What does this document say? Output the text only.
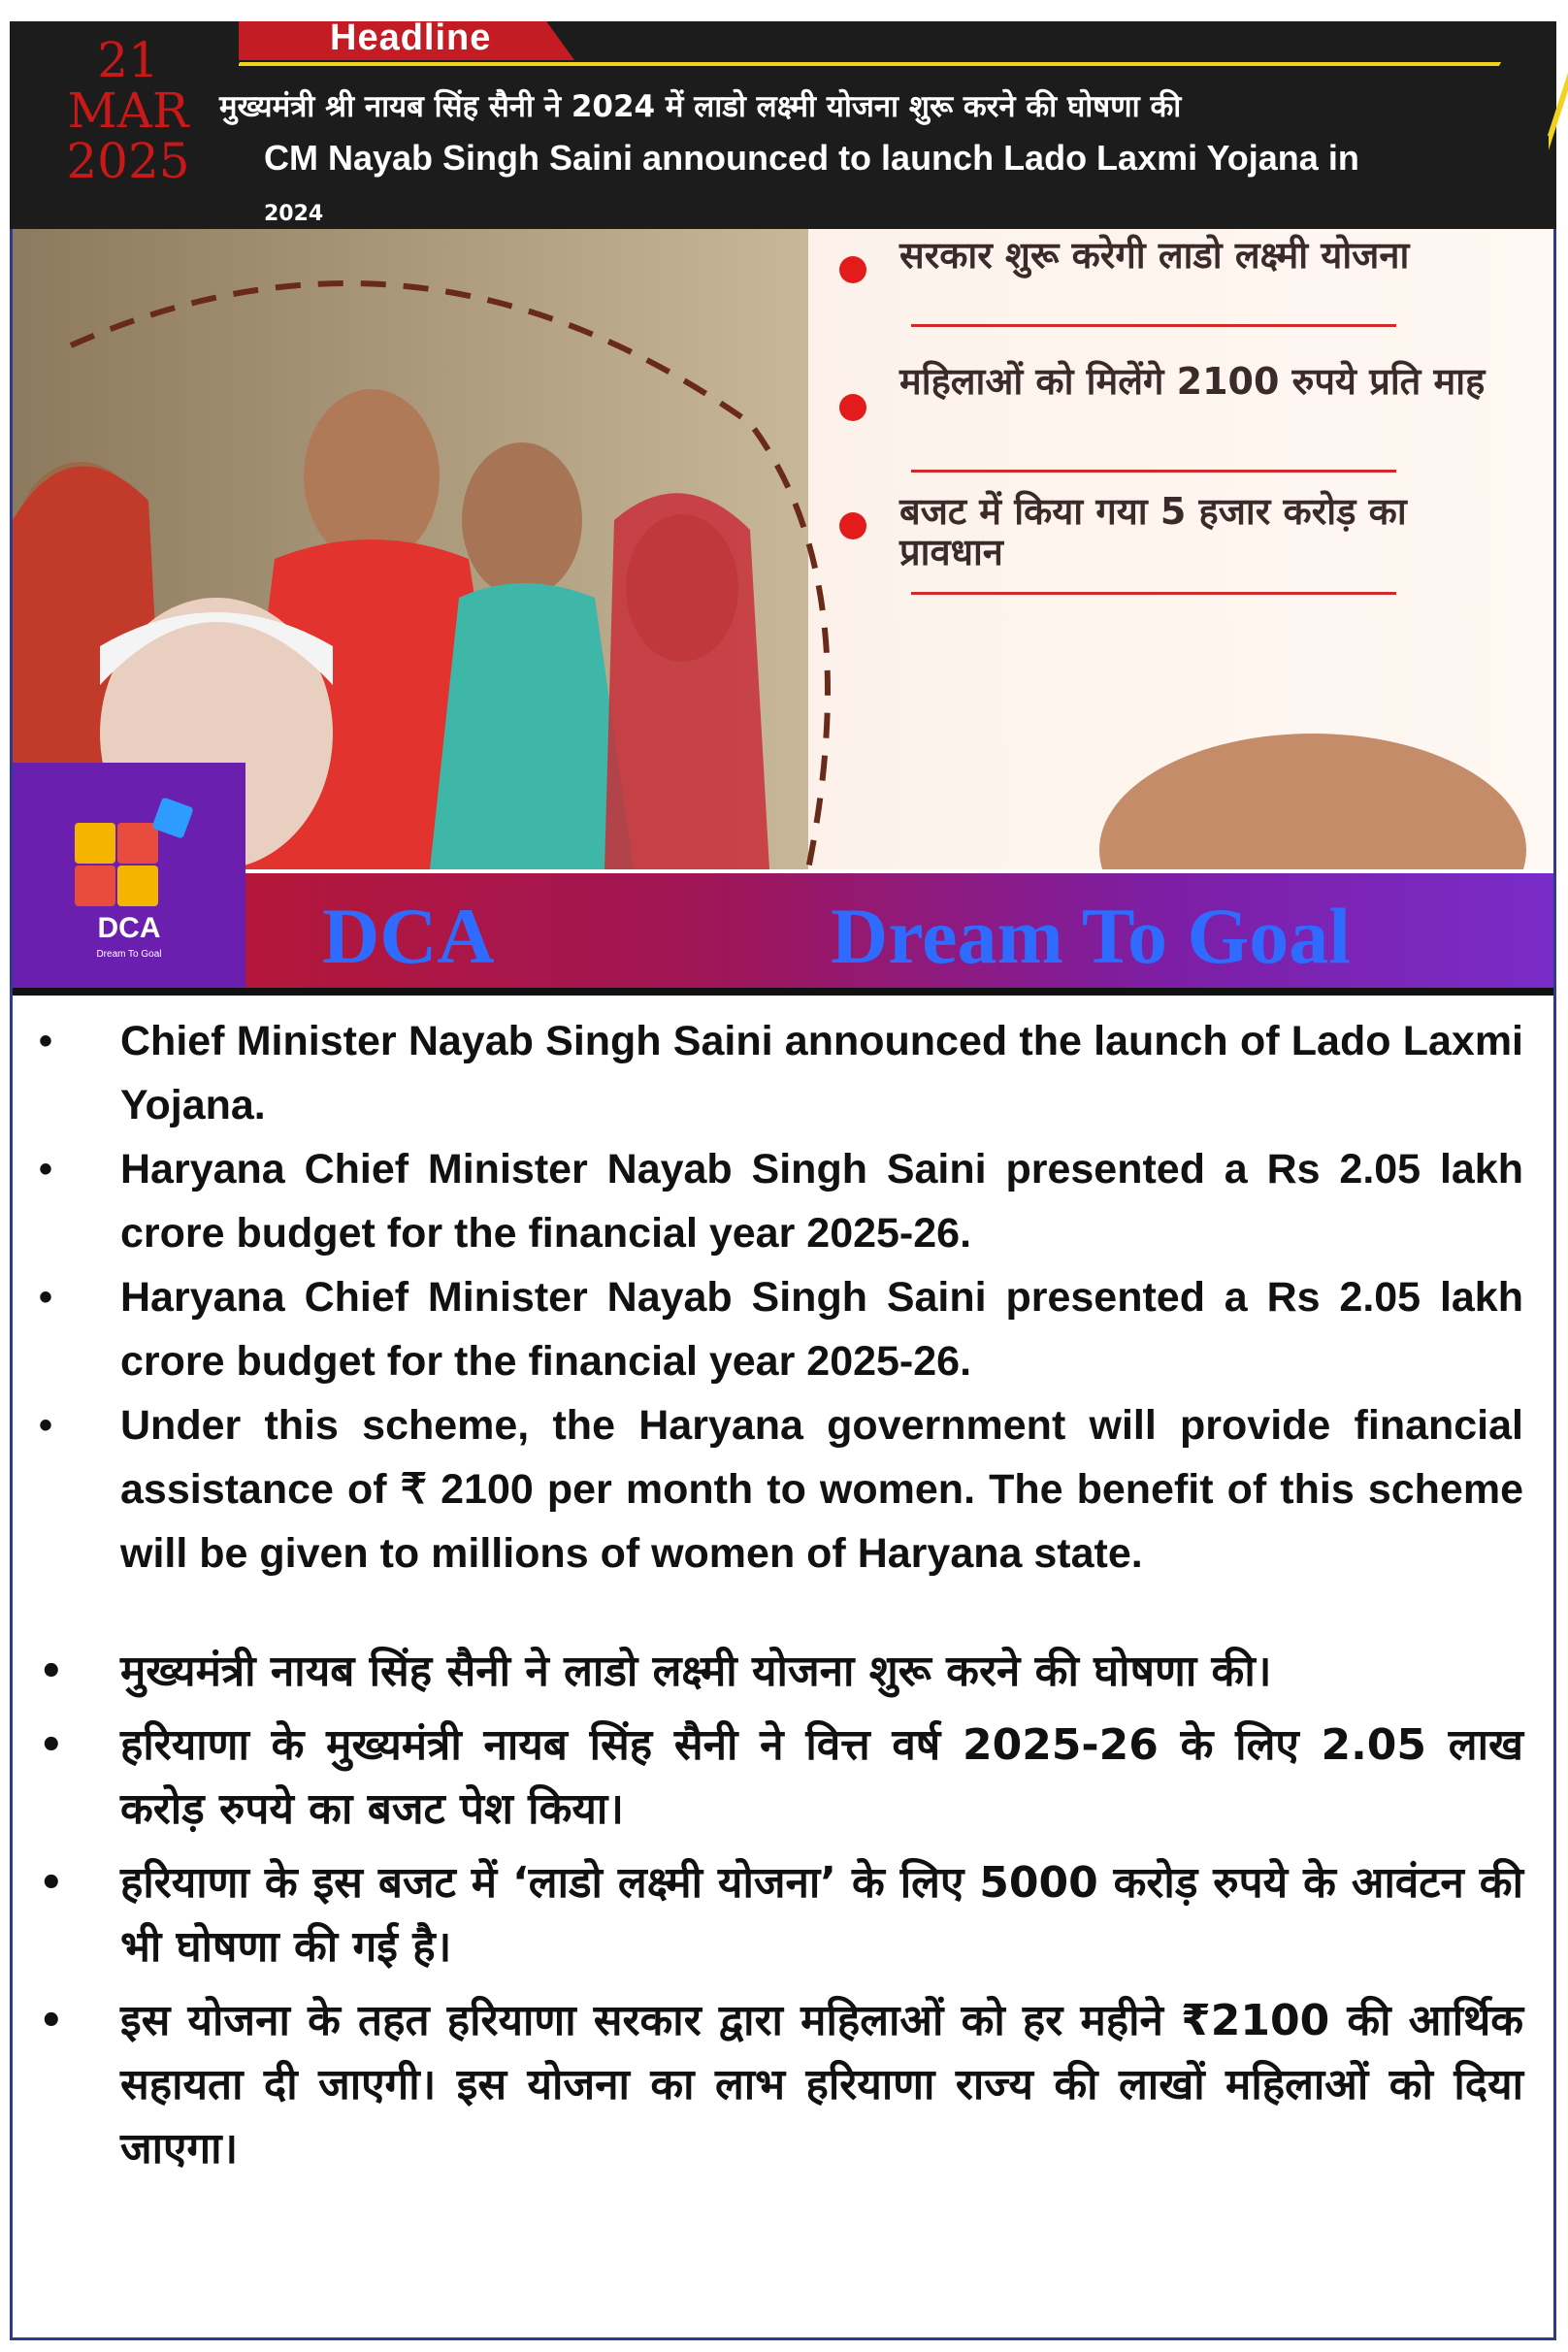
Headline
21
MAR
2025
मुख्यमंत्री श्री नायब सिंह सैनी ने 2024 में लाडो लक्ष्मी योजना शुरू करने की घोषणा की
CM Nayab Singh Saini announced to launch Lado Laxmi Yojana in
2024
सरकार शुरू करेगी लाडो लक्ष्मी योजना
महिलाओं को मिलेंगे 2100 रुपये प्रति माह
बजट में किया गया 5 हजार करोड़ का प्रावधान
DCA
Dream To Goal DCA	Dream To Goal
• Chief Minister Nayab Singh Saini announced the launch of Lado Laxmi Yojana.
• Haryana Chief Minister Nayab Singh Saini presented a Rs 2.05 lakh crore budget for the financial year 2025-26.
• Haryana Chief Minister Nayab Singh Saini presented a Rs 2.05 lakh crore budget for the financial year 2025-26.
• Under this scheme, the Haryana government will provide financial assistance of ₹ 2100 per month to women. The benefit of this scheme will be given to millions of women of Haryana state.
• मुख्यमंत्री नायब सिंह सैनी ने लाडो लक्ष्मी योजना शुरू करने की घोषणा की।
• हरियाणा के मुख्यमंत्री नायब सिंह सैनी ने वित्त वर्ष 2025-26 के लिए 2.05 लाख करोड़ रुपये का बजट पेश किया।
• हरियाणा के इस बजट में ‘लाडो लक्ष्मी योजना’ के लिए 5000 करोड़ रुपये के आवंटन की भी घोषणा की गई है।
• इस योजना के तहत हरियाणा सरकार द्वारा महिलाओं को हर महीने ₹2100 की आर्थिक सहायता दी जाएगी। इस योजना का लाभ हरियाणा राज्य की लाखों महिलाओं को दिया जाएगा।
